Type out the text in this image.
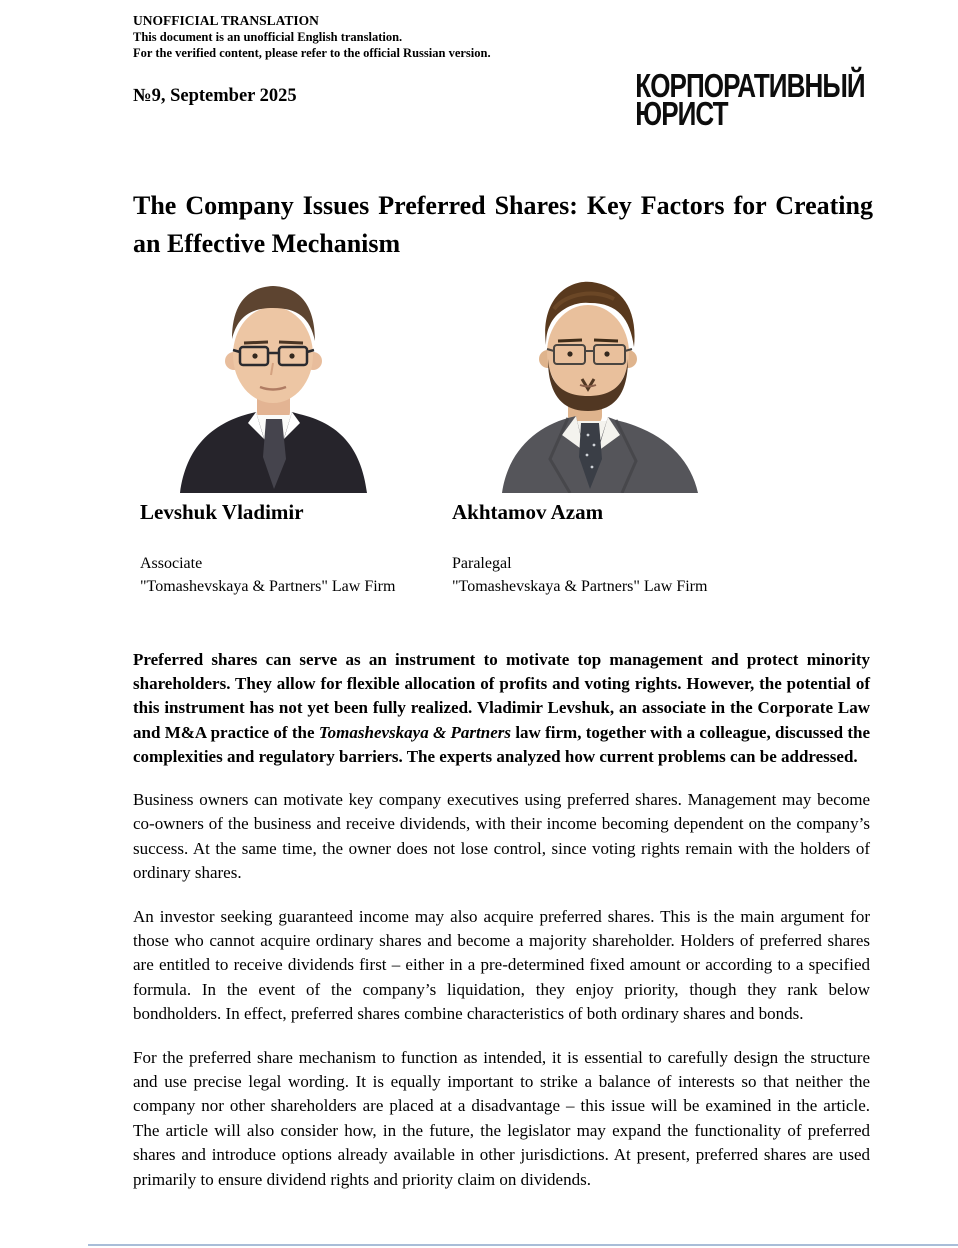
UNOFFICIAL TRANSLATION
This document is an unofficial English translation.
For the verified content, please refer to the official Russian version.
№9, September 2025	КОРПОРАТИВНЫЙ
ЮРИСТ
The Company Issues Preferred Shares: Key Factors for Creating an Effective Mechanism
Levshuk Vladimir	Akhtamov Azam
Associate
"Tomashevskaya & Partners" Law Firm
Paralegal
"Tomashevskaya & Partners" Law Firm

Preferred shares can serve as an instrument to motivate top management and protect minority shareholders. They allow for flexible allocation of profits and voting rights. However, the potential of this instrument has not yet been fully realized. Vladimir Levshuk, an associate in the Corporate Law and M&A practice of the Tomashevskaya & Partners law firm, together with a colleague, discussed the complexities and regulatory barriers. The experts analyzed how current problems can be addressed.

Business owners can motivate key company executives using preferred shares. Management may become co-owners of the business and receive dividends, with their income becoming dependent on the company’s success. At the same time, the owner does not lose control, since voting rights remain with the holders of ordinary shares.

An investor seeking guaranteed income may also acquire preferred shares. This is the main argument for those who cannot acquire ordinary shares and become a majority shareholder. Holders of preferred shares are entitled to receive dividends first – either in a pre-determined fixed amount or according to a specified formula. In the event of the company’s liquidation, they enjoy priority, though they rank below bondholders. In effect, preferred shares combine characteristics of both ordinary shares and bonds.

For the preferred share mechanism to function as intended, it is essential to carefully design the structure and use precise legal wording. It is equally important to strike a balance of interests so that neither the company nor other shareholders are placed at a disadvantage – this issue will be examined in the article. The article will also consider how, in the future, the legislator may expand the functionality of preferred shares and introduce options already available in other jurisdictions. At present, preferred shares are used primarily to ensure dividend rights and priority claim on dividends.
